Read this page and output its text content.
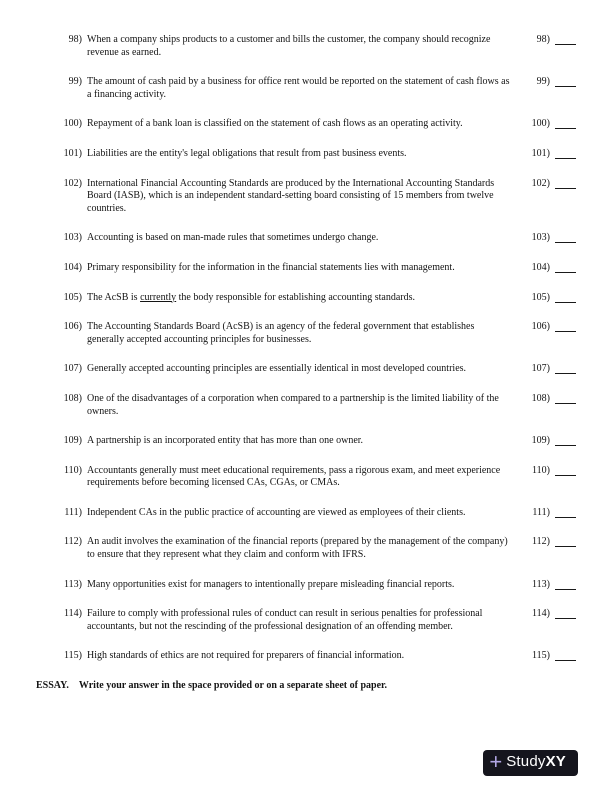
98) When a company ships products to a customer and bills the customer, the company should recognize revenue as earned.
98)
99) The amount of cash paid by a business for office rent would be reported on the statement of cash flows as a financing activity.
99)
100) Repayment of a bank loan is classified on the statement of cash flows as an operating activity.	100)
101) Liabilities are the entity's legal obligations that result from past business events.	101)
102) International Financial Accounting Standards are produced by the International Accounting Standards Board (IASB), which is an independent standard-setting board consisting of 15 members from twelve countries.
102)
103) Accounting is based on man-made rules that sometimes undergo change.	103)
104) Primary responsibility for the information in the financial statements lies with management.	104)
105) The AcSB is currently the body responsible for establishing accounting standards.	105)
106) The Accounting Standards Board (AcSB) is an agency of the federal government that establishes generally accepted accounting principles for businesses.
106)
107) Generally accepted accounting principles are essentially identical in most developed countries.	107)
108) One of the disadvantages of a corporation when compared to a partnership is the limited liability of the owners.
108)
109) A partnership is an incorporated entity that has more than one owner.	109)
110) Accountants generally must meet educational requirements, pass a rigorous exam, and meet experience requirements before becoming licensed CAs, CGAs, or CMAs.
110)
111) Independent CAs in the public practice of accounting are viewed as employees of their clients.	111)
112) An audit involves the examination of the financial reports (prepared by the management of the company) to ensure that they represent what they claim and conform with IFRS.
112)
113) Many opportunities exist for managers to intentionally prepare misleading financial reports.	113)
114) Failure to comply with professional rules of conduct can result in serious penalties for professional accountants, but not the rescinding of the professional designation of an offending member.
114)
115) High standards of ethics are not required for preparers of financial information.	115)
ESSAY. Write your answer in the space provided or on a separate sheet of paper.
+ StudyXY
